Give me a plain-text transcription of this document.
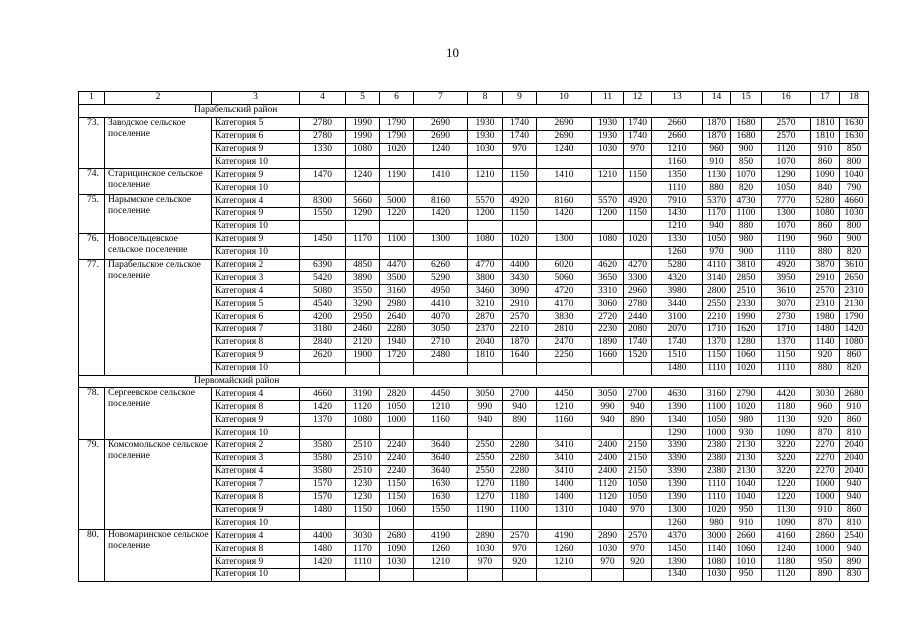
10
1	2	3	4	5	6	7	8	9	10	11	12	13	14	15	16	17	18
Парабельский район																	
73.	Заводское сельское поселение	Категория 5	2780	1990	1790	2690	1930	1740	2690	1930	1740	2660	1870	1680	2570	1810	1630
		Категория 6	2780	1990	1790	2690	1930	1740	2690	1930	1740	2660	1870	1680	2570	1810	1630
		Категория 9	1330	1080	1020	1240	1030	970	1240	1030	970	1210	960	900	1120	910	850
		Категория 10										1160	910	850	1070	860	800
74.	Старицинское сельское поселение	Категория 9	1470	1240	1190	1410	1210	1150	1410	1210	1150	1350	1130	1070	1290	1090	1040
		Категория 10										1110	880	820	1050	840	790
75.	Нарымское сельское поселение	Категория 4	8300	5660	5000	8160	5570	4920	8160	5570	4920	7910	5370	4730	7770	5280	4660
		Категория 9	1550	1290	1220	1420	1200	1150	1420	1200	1150	1430	1170	1100	1300	1080	1030
		Категория 10										1210	940	880	1070	860	800
76.	Новосельцевское сельское поселение	Категория 9	1450	1170	1100	1300	1080	1020	1300	1080	1020	1330	1050	980	1190	960	900
		Категория 10										1260	970	900	1110	880	820
77.	Парабельское сельское поселение	Категория 2	6390	4850	4470	6260	4770	4400	6020	4620	4270	5280	4110	3810	4920	3870	3610
		Категория 3	5420	3890	3500	5290	3800	3430	5060	3650	3300	4320	3140	2850	3950	2910	2650
		Категория 4	5080	3550	3160	4950	3460	3090	4720	3310	2960	3980	2800	2510	3610	2570	2310
		Категория 5	4540	3290	2980	4410	3210	2910	4170	3060	2780	3440	2550	2330	3070	2310	2130
		Категория 6	4200	2950	2640	4070	2870	2570	3830	2720	2440	3100	2210	1990	2730	1980	1790
		Категория 7	3180	2460	2280	3050	2370	2210	2810	2230	2080	2070	1710	1620	1710	1480	1420
		Категория 8	2840	2120	1940	2710	2040	1870	2470	1890	1740	1740	1370	1280	1370	1140	1080
		Категория 9	2620	1900	1720	2480	1810	1640	2250	1660	1520	1510	1150	1060	1150	920	860
		Категория 10										1480	1110	1020	1110	880	820
Первомайский район																	
78.	Сергеевское сельское поселение	Категория 4	4660	3190	2820	4450	3050	2700	4450	3050	2700	4630	3160	2790	4420	3030	2680
		Категория 8	1420	1120	1050	1210	990	940	1210	990	940	1390	1100	1020	1180	960	910
		Категория 9	1370	1080	1000	1160	940	890	1160	940	890	1340	1050	980	1130	920	860
		Категория 10										1290	1000	930	1090	870	810
79.	Комсомольское сельское поселение	Категория 2	3580	2510	2240	3640	2550	2280	3410	2400	2150	3390	2380	2130	3220	2270	2040
		Категория 3	3580	2510	2240	3640	2550	2280	3410	2400	2150	3390	2380	2130	3220	2270	2040
		Категория 4	3580	2510	2240	3640	2550	2280	3410	2400	2150	3390	2380	2130	3220	2270	2040
		Категория 7	1570	1230	1150	1630	1270	1180	1400	1120	1050	1390	1110	1040	1220	1000	940
		Категория 8	1570	1230	1150	1630	1270	1180	1400	1120	1050	1390	1110	1040	1220	1000	940
		Категория 9	1480	1150	1060	1550	1190	1100	1310	1040	970	1300	1020	950	1130	910	860
		Категория 10										1260	980	910	1090	870	810
80.	Новомаринское сельское поселение	Категория 4	4400	3030	2680	4190	2890	2570	4190	2890	2570	4370	3000	2660	4160	2860	2540
		Категория 8	1480	1170	1090	1260	1030	970	1260	1030	970	1450	1140	1060	1240	1000	940
		Категория 9	1420	1110	1030	1210	970	920	1210	970	920	1390	1080	1010	1180	950	890
		Категория 10										1340	1030	950	1120	890	830
